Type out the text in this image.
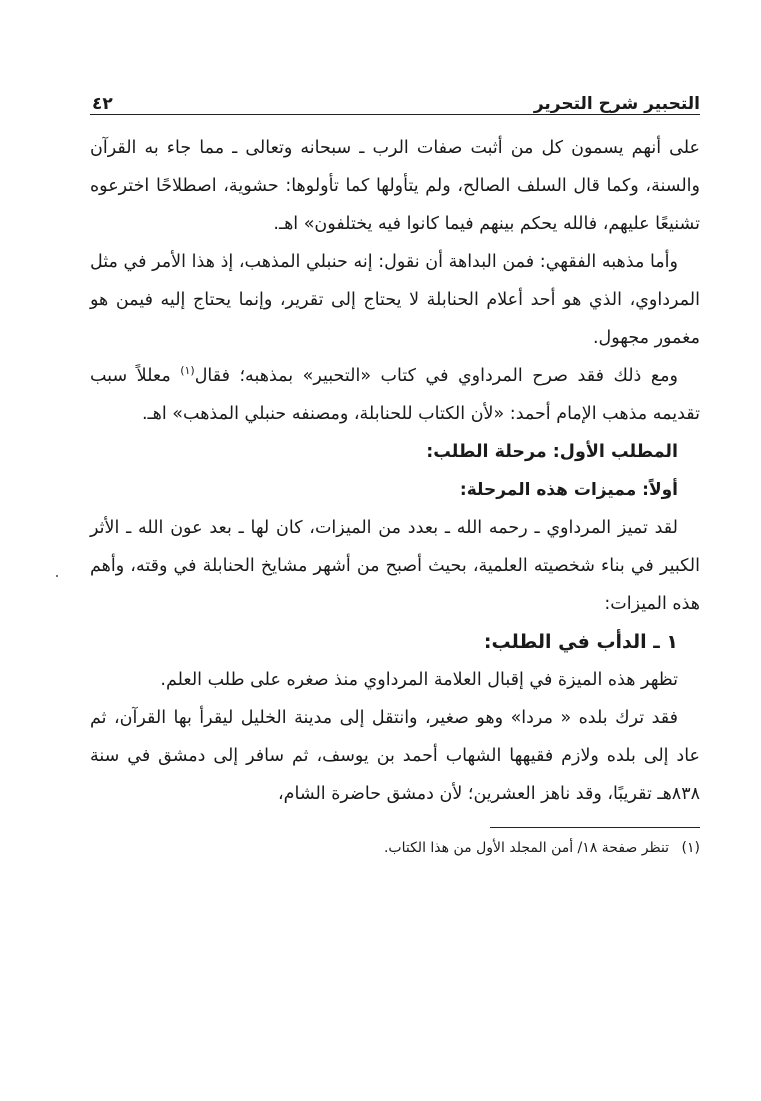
التحبير شرح التحرير
٤٢

على أنهم يسمون كل من أثبت صفات الرب ـ سبحانه وتعالى ـ مما جاء به القرآن والسنة، وكما قال السلف الصالح، ولم يتأولها كما تأولوها: حشوية، اصطلاحًا اخترعوه تشنيعًا عليهم، فالله يحكم بينهم فيما كانوا فيه يختلفون» اهـ.

وأما مذهبه الفقهي: فمن البداهة أن نقول: إنه حنبلي المذهب، إذ هذا الأمر في مثل المرداوي، الذي هو أحد أعلام الحنابلة لا يحتاج إلى تقرير، وإنما يحتاج إليه فيمن هو مغمور مجهول.

ومع ذلك فقد صرح المرداوي في كتاب «التحبير» بمذهبه؛ فقال$^{(١)}$ معللاً سبب تقديمه مذهب الإمام أحمد: «لأن الكتاب للحنابلة، ومصنفه حنبلي المذهب» اهـ.

المطلب الأول: مرحلة الطلب:

أولاً: مميزات هذه المرحلة:

لقد تميز المرداوي ـ رحمه الله ـ بعدد من الميزات، كان لها ـ بعد عون الله ـ الأثر الكبير في بناء شخصيته العلمية، بحيث أصبح من أشهر مشايخ الحنابلة في وقته، وأهم هذه الميزات:

١ ـ الدأب في الطلب:

تظهر هذه الميزة في إقبال العلامة المرداوي منذ صغره على طلب العلم.

فقد ترك بلده « مردا» وهو صغير، وانتقل إلى مدينة الخليل ليقرأ بها القرآن، ثم عاد إلى بلده ولازم فقيهها الشهاب أحمد بن يوسف، ثم سافر إلى دمشق في سنة ٨٣٨هـ تقريبًا، وقد ناهز العشرين؛ لأن دمشق حاضرة الشام،

(١) تنظر صفحة ١٨/ أمن المجلد الأول من هذا الكتاب.
